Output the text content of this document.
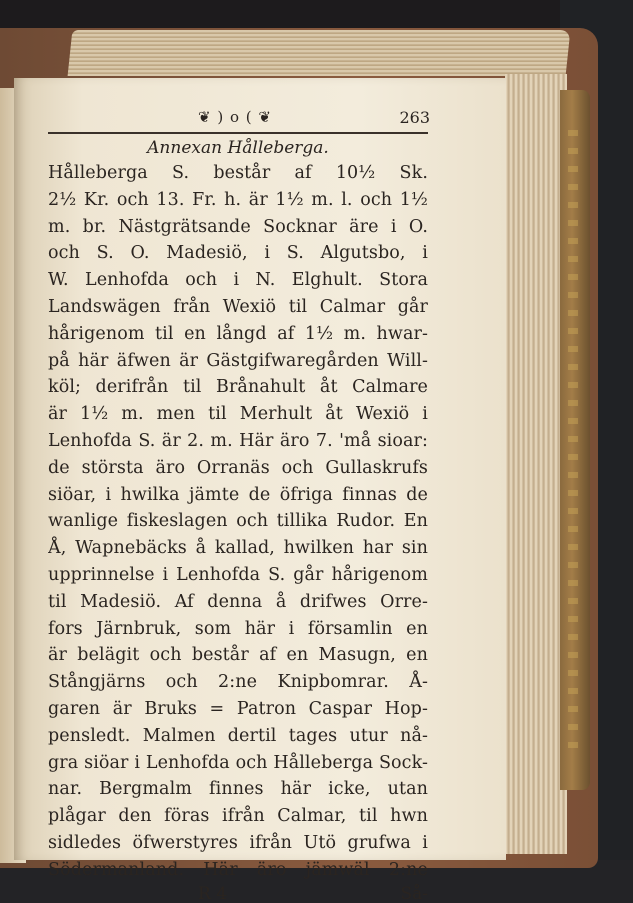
❦ ) o ( ❦	263
Annexan Hålleberga.
Hålleberga S. består af 10½ Sk.
2½ Kr. och 13. Fr. h. är 1½ m. l. och 1½
m. br. Nästgrätsande Socknar äre i O.
och S. O. Madesiö, i S. Algutsbo, i
W. Lenhofda och i N. Elghult. Stora
Landswägen från Wexiö til Calmar går
hårigenom til en långd af 1½ m. hwar-
på här äfwen är Gästgifwaregården Will-
köl; derifrån til Brånahult åt Calmare
är 1½ m. men til Merhult åt Wexiö i
Lenhofda S. är 2. m. Här äro 7. 'må sioar:
de största äro Orranäs och Gullaskrufs
siöar, i hwilka jämte de öfriga finnas de
wanlige fiskeslagen och tillika Rudor. En
Å, Wapnebäcks å kallad, hwilken har sin
upprinnelse i Lenhofda S. går hårigenom
til Madesiö. Af denna å drifwes Orre-
fors Järnbruk, som här i församlin en
är belägit och består af en Masugn, en
Stångjärns och 2:ne Knipbomrar. Å-
garen är Bruks = Patron Caspar Hop-
pensledt. Malmen dertil tages utur nå-
gra siöar i Lenhofda och Hålleberga Sock-
nar. Bergmalm finnes här icke, utan
plågar den föras ifrån Calmar, til hwn
sidledes öfwerstyres ifrån Utö grufwa i
Södermanland. Här äro jämwäl 2:ne
R 4	Så-
